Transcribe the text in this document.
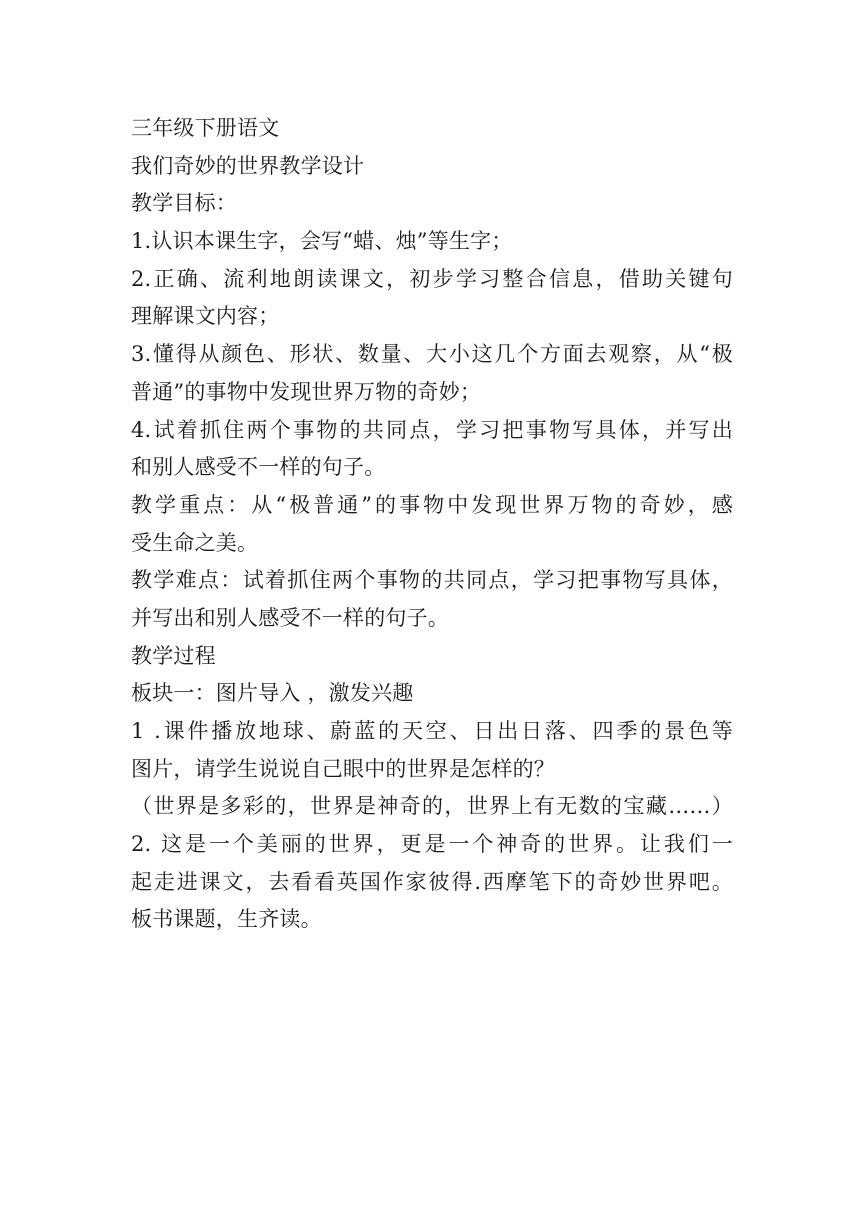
三年级下册语文
我们奇妙的世界教学设计
教学目标：
1.认识本课生字，会写“蜡、烛”等生字；
2.正确、流利地朗读课文，初步学习整合信息，借助关键句
理解课文内容；
3.懂得从颜色、形状、数量、大小这几个方面去观察，从“极
普通”的事物中发现世界万物的奇妙；
4.试着抓住两个事物的共同点，学习把事物写具体，并写出
和别人感受不一样的句子。
教学重点：从“极普通”的事物中发现世界万物的奇妙，感
受生命之美。
教学难点：试着抓住两个事物的共同点，学习把事物写具体，
并写出和别人感受不一样的句子。
教学过程
板块一：图片导入 ，激发兴趣
1 .课件播放地球、蔚蓝的天空、日出日落、四季的景色等
图片，请学生说说自己眼中的世界是怎样的？
（世界是多彩的，世界是神奇的，世界上有无数的宝藏……）
2. 这是一个美丽的世界，更是一个神奇的世界。让我们一
起走进课文，去看看英国作家彼得.西摩笔下的奇妙世界吧。
板书课题，生齐读。
